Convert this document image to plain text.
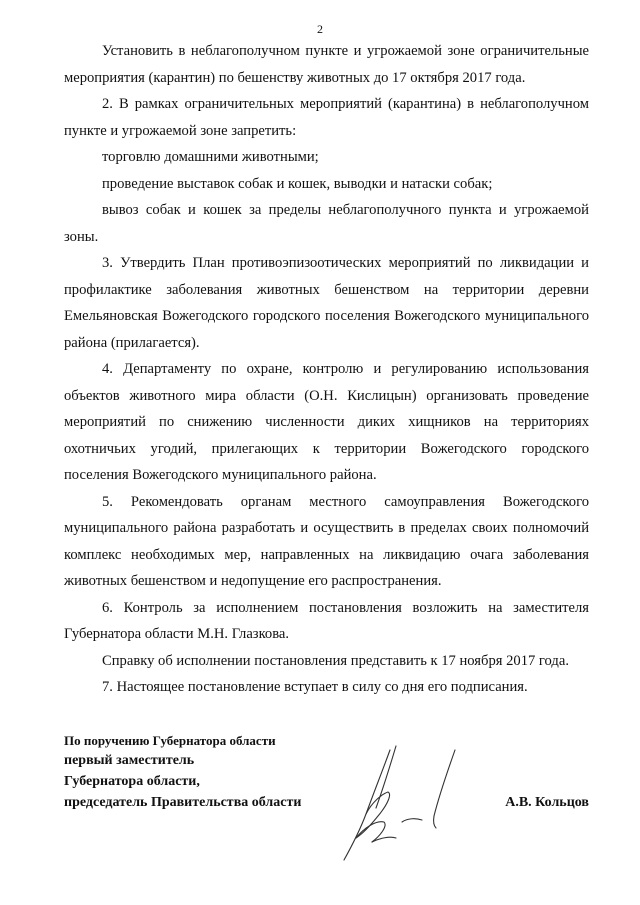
2

Установить в неблагополучном пункте и угрожаемой зоне ограничительные мероприятия (карантин) по бешенству животных до 17 октября 2017 года.

2. В рамках ограничительных мероприятий (карантина) в неблагополучном пункте и угрожаемой зоне запретить:

торговлю домашними животными;

проведение выставок собак и кошек, выводки и натаски собак;

вывоз собак и кошек за пределы неблагополучного пункта и угрожаемой зоны.

3. Утвердить План противоэпизоотических мероприятий по ликвидации и профилактике заболевания животных бешенством на территории деревни Емельяновская Вожегодского городского поселения Вожегодского муниципального района (прилагается).

4. Департаменту по охране, контролю и регулированию использования объектов животного мира области (О.Н. Кислицын) организовать проведение мероприятий по снижению численности диких хищников на территориях охотничьих угодий, прилегающих к территории Вожегодского городского поселения Вожегодского муниципального района.

5. Рекомендовать органам местного самоуправления Вожегодского муниципального района разработать и осуществить в пределах своих полномочий комплекс необходимых мер, направленных на ликвидацию очага заболевания животных бешенством и недопущение его распространения.

6. Контроль за исполнением постановления возложить на заместителя Губернатора области М.Н. Глазкова.

Справку об исполнении постановления представить к 17 ноября 2017 года.

7. Настоящее постановление вступает в силу со дня его подписания.

По поручению Губернатора области
первый заместитель
Губернатора области,
председатель Правительства области	А.В. Кольцов
